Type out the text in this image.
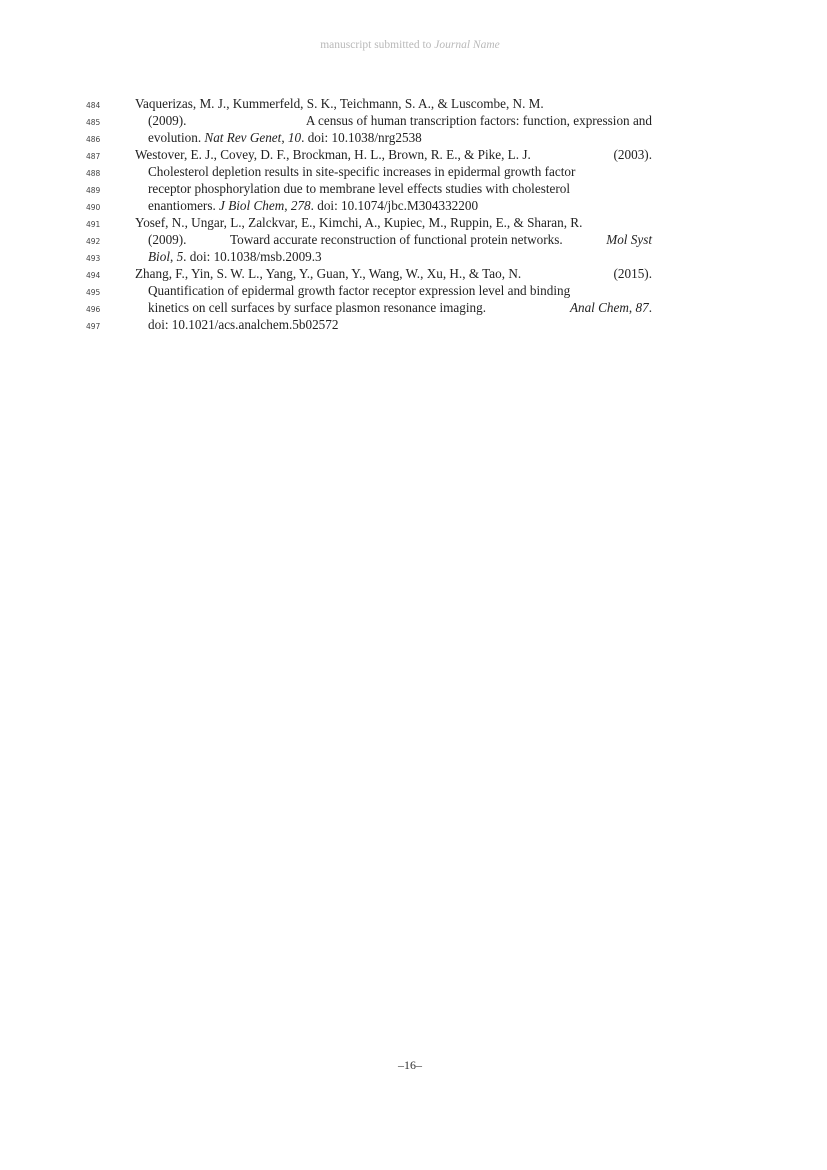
manuscript submitted to Journal Name
484	Vaquerizas, M. J., Kummerfeld, S. K., Teichmann, S. A., & Luscombe, N. M.
485	(2009).	A census of human transcription factors: function, expression and
486	evolution. Nat Rev Genet, 10. doi: 10.1038/nrg2538
487	Westover, E. J., Covey, D. F., Brockman, H. L., Brown, R. E., & Pike, L. J.	(2003).
488	Cholesterol depletion results in site-specific increases in epidermal growth factor
489	receptor phosphorylation due to membrane level effects studies with cholesterol
490	enantiomers. J Biol Chem, 278. doi: 10.1074/jbc.M304332200
491	Yosef, N., Ungar, L., Zalckvar, E., Kimchi, A., Kupiec, M., Ruppin, E., & Sharan, R.
492	(2009).	Toward accurate reconstruction of functional protein networks.	Mol Syst
493	Biol, 5. doi: 10.1038/msb.2009.3
494	Zhang, F., Yin, S. W. L., Yang, Y., Guan, Y., Wang, W., Xu, H., & Tao, N.	(2015).
495	Quantification of epidermal growth factor receptor expression level and binding
496	kinetics on cell surfaces by surface plasmon resonance imaging.	Anal Chem, 87.
497	doi: 10.1021/acs.analchem.5b02572
–16–
